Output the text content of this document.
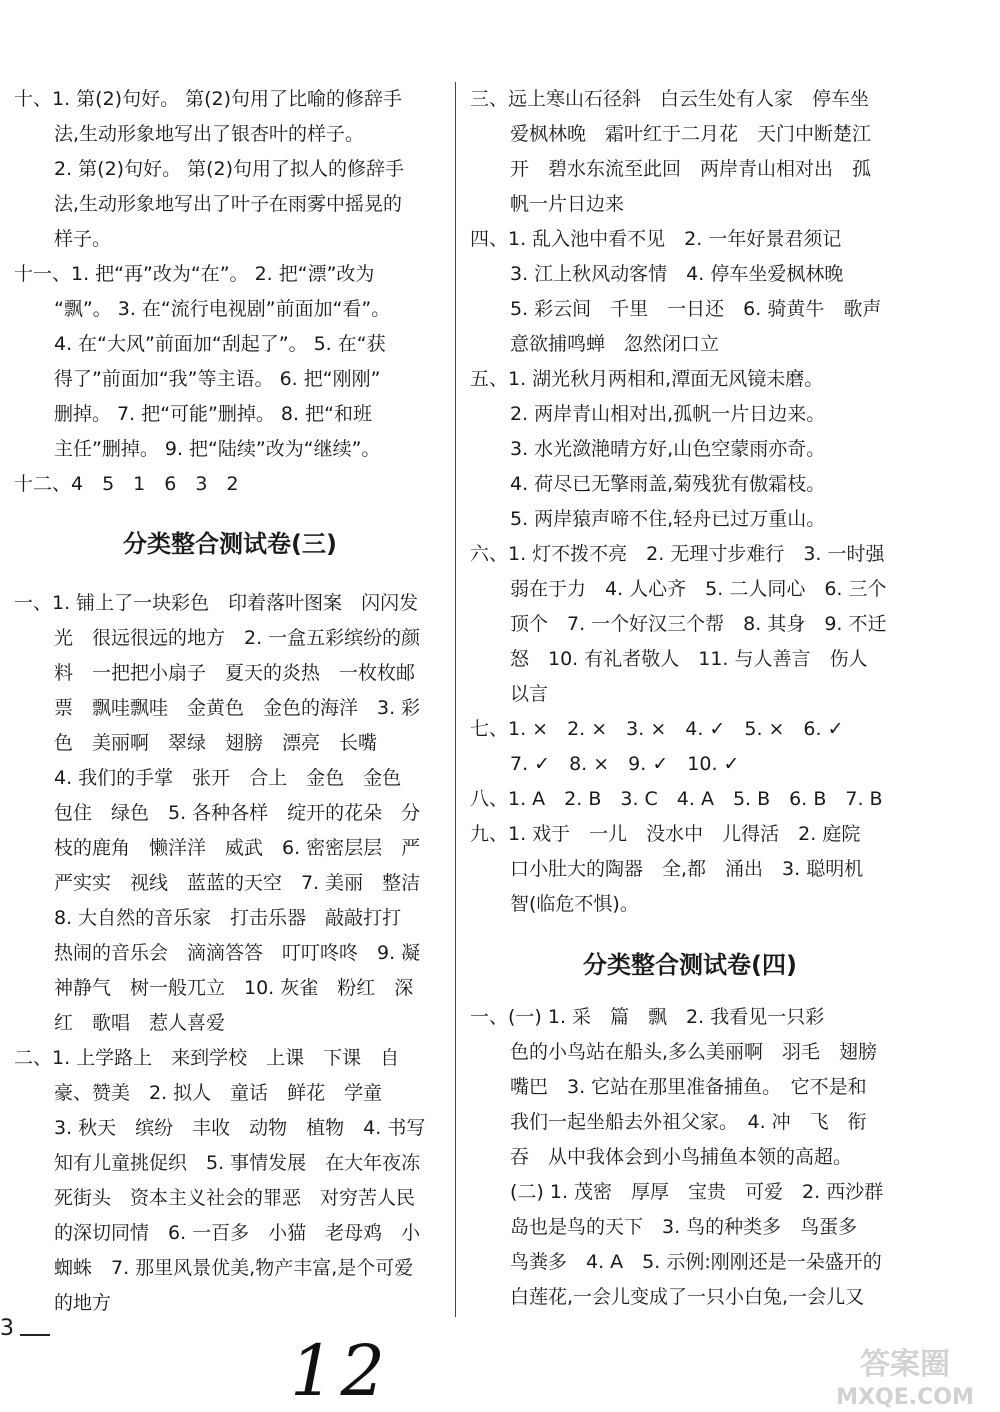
十、1. 第(2)句好。 第(2)句用了比喻的修辞手
法,生动形象地写出了银杏叶的样子。
2. 第(2)句好。 第(2)句用了拟人的修辞手
法,生动形象地写出了叶子在雨雾中摇晃的
样子。
十一、1. 把“再”改为“在”。 2. 把“漂”改为
“飘”。 3. 在“流行电视剧”前面加“看”。
4. 在“大风”前面加“刮起了”。 5. 在“获
得了”前面加“我”等主语。 6. 把“刚刚”
删掉。 7. 把“可能”删掉。 8. 把“和班
主任”删掉。 9. 把“陆续”改为“继续”。
十二、4　5　1　6　3　2
分类整合测试卷(三)
一、1. 铺上了一块彩色　印着落叶图案　闪闪发
光　很远很远的地方　2. 一盒五彩缤纷的颜
料　一把把小扇子　夏天的炎热　一枚枚邮
票　飘哇飘哇　金黄色　金色的海洋　3. 彩
色　美丽啊　翠绿　翅膀　漂亮　长嘴
4. 我们的手掌　张开　合上　金色　金色
包住　绿色　5. 各种各样　绽开的花朵　分
枝的鹿角　懒洋洋　威武　6. 密密层层　严
严实实　视线　蓝蓝的天空　7. 美丽　整洁
8. 大自然的音乐家　打击乐器　敲敲打打
热闹的音乐会　滴滴答答　叮叮咚咚　9. 凝
神静气　树一般兀立　10. 灰雀　粉红　深
红　歌唱　惹人喜爱
二、1. 上学路上　来到学校　上课　下课　自
豪、赞美　2. 拟人　童话　鲜花　学童
3. 秋天　缤纷　丰收　动物　植物　4. 书写
知有儿童挑促织　5. 事情发展　在大年夜冻
死街头　资本主义社会的罪恶　对穷苦人民
的深切同情　6. 一百多　小猫　老母鸡　小
蜘蛛　7. 那里风景优美,物产丰富,是个可爱
的地方
三、远上寒山石径斜　白云生处有人家　停车坐
爱枫林晚　霜叶红于二月花　天门中断楚江
开　碧水东流至此回　两岸青山相对出　孤
帆一片日边来
四、1. 乱入池中看不见　2. 一年好景君须记
3. 江上秋风动客情　4. 停车坐爱枫林晚
5. 彩云间　千里　一日还　6. 骑黄牛　歌声
意欲捕鸣蝉　忽然闭口立
五、1. 湖光秋月两相和,潭面无风镜未磨。
2. 两岸青山相对出,孤帆一片日边来。
3. 水光潋滟晴方好,山色空蒙雨亦奇。
4. 荷尽已无擎雨盖,菊残犹有傲霜枝。
5. 两岸猿声啼不住,轻舟已过万重山。
六、1. 灯不拨不亮　2. 无理寸步难行　3. 一时强
弱在于力　4. 人心齐　5. 二人同心　6. 三个
顶个　7. 一个好汉三个帮　8. 其身　9. 不迁
怒　10. 有礼者敬人　11. 与人善言　伤人
以言
七、1. ×　2. ×　3. ×　4. ✓　5. ×　6. ✓
7. ✓　8. ×　9. ✓　10. ✓
八、1. A　2. B　3. C　4. A　5. B　6. B　7. B
九、1. 戏于　一儿　没水中　儿得活　2. 庭院
口小肚大的陶器　全,都　涌出　3. 聪明机
智(临危不惧)。
分类整合测试卷(四)
一、(一) 1. 采　篇　飘　2. 我看见一只彩
色的小鸟站在船头,多么美丽啊　羽毛　翅膀
嘴巴　3. 它站在那里准备捕鱼。　它不是和
我们一起坐船去外祖父家。　4. 冲　飞　衔
吞　从中我体会到小鸟捕鱼本领的高超。
(二) 1. 茂密　厚厚　宝贵　可爱　2. 西沙群
岛也是鸟的天下　3. 鸟的种类多　鸟蛋多
鸟粪多　4. A　5. 示例:刚刚还是一朵盛开的
白莲花,一会儿变成了一只小白兔,一会儿又
3
12	答案圈
MXQE.COM
